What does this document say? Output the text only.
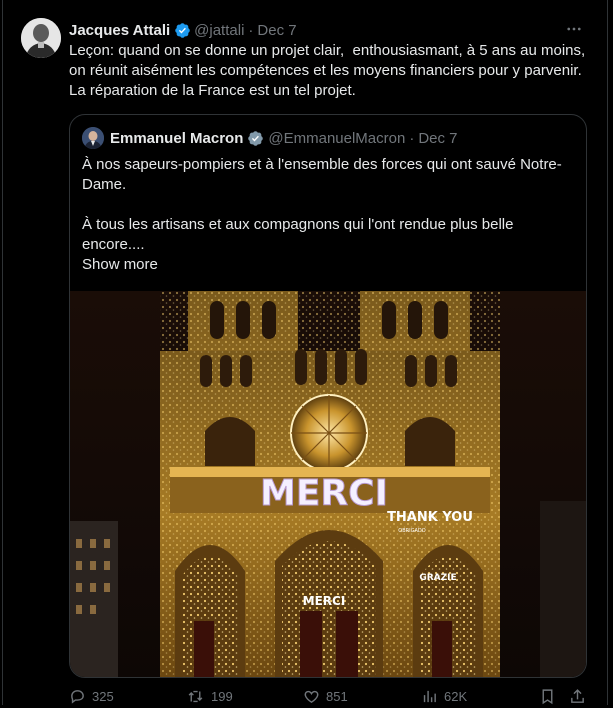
Jacques Attali @jattali · Dec 7
Leçon: quand on se donne un projet clair,  enthousiasmant, à 5 ans au moins, on réunit aisément les compétences et les moyens financiers pour y parvenir.  La réparation de la France est un tel projet.
Emmanuel Macron @EmmanuelMacron · Dec 7
À nos sapeurs-pompiers et à l'ensemble des forces qui ont sauvé Notre-Dame.

À tous les artisans et aux compagnons qui l'ont rendue plus belle encore....
Show more
MERCI
THANK YOU
OBRIGADO
GRAZIE
MERCI
325	199	851	62K
